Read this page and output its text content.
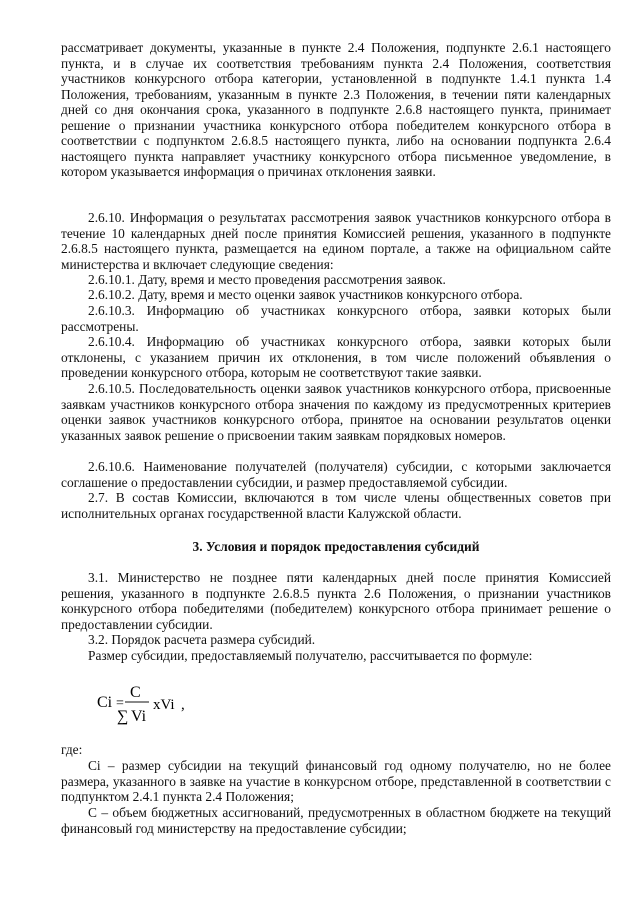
рассматривает документы, указанные в пункте 2.4 Положения, подпункте 2.6.1 настоящего пункта, и в случае их соответствия требованиям пункта 2.4 Положения, соответствия участников конкурсного отбора категории, установленной в подпункте 1.4.1 пункта 1.4 Положения, требованиям, указанным в пункте 2.3 Положения, в течении пяти календарных дней со дня окончания срока, указанного в подпункте 2.6.8 настоящего пункта, принимает решение о признании участника конкурсного отбора победителем конкурсного отбора в соответствии с подпунктом 2.6.8.5 настоящего пункта, либо на основании подпункта 2.6.4 настоящего пункта направляет участнику конкурсного отбора письменное уведомление, в котором указывается информация о причинах отклонения заявки.
2.6.10. Информация о результатах рассмотрения заявок участников конкурсного отбора в течение 10 календарных дней после принятия Комиссией решения, указанного в подпункте 2.6.8.5 настоящего пункта, размещается на едином портале, а также на официальном сайте министерства и включает следующие сведения:
2.6.10.1. Дату, время и место проведения рассмотрения заявок.
2.6.10.2. Дату, время и место оценки заявок участников конкурсного отбора.
2.6.10.3. Информацию об участниках конкурсного отбора, заявки которых были рассмотрены.
2.6.10.4. Информацию об участниках конкурсного отбора, заявки которых были отклонены, с указанием причин их отклонения, в том числе положений объявления о проведении конкурсного отбора, которым не соответствуют такие заявки.
2.6.10.5. Последовательность оценки заявок участников конкурсного отбора, присвоенные заявкам участников конкурсного отбора значения по каждому из предусмотренных критериев оценки заявок участников конкурсного отбора, принятое на основании результатов оценки указанных заявок решение о присвоении таким заявкам порядковых номеров.
2.6.10.6. Наименование получателей (получателя) субсидии, с которыми заключается соглашение о предоставлении субсидии, и размер предоставляемой субсидии.
2.7. В состав Комиссии, включаются в том числе члены общественных советов при исполнительных органах государственной власти Калужской области.
3. Условия и порядок предоставления субсидий
3.1. Министерство не позднее пяти календарных дней после принятия Комиссией решения, указанного в подпункте 2.6.8.5 пункта 2.6 Положения, о признании участников конкурсного отбора победителями (победителем) конкурсного отбора принимает решение о предоставлении субсидии.
3.2. Порядок расчета размера субсидий.
Размер субсидии, предоставляемый получателю, рассчитывается по формуле:
Ci =
C
∑ Vi
xVi ,
где:
Ci – размер субсидии на текущий финансовый год одному получателю, но не более размера, указанного в заявке на участие в конкурсном отборе, представленной в соответствии с подпунктом 2.4.1 пункта 2.4 Положения;
С – объем бюджетных ассигнований, предусмотренных в областном бюджете на текущий финансовый год министерству на предоставление субсидии;
